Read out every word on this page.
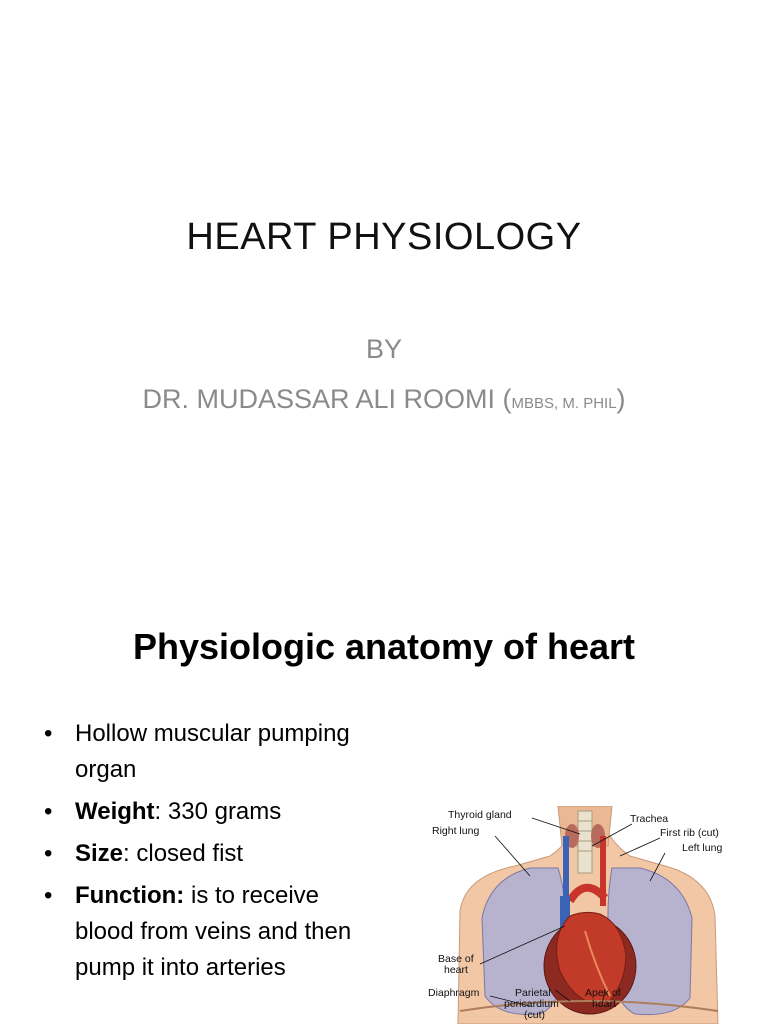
HEART PHYSIOLOGY
BY
DR. MUDASSAR ALI ROOMI (MBBS, M. PHIL)
Physiologic anatomy of heart
• Hollow muscular pumping organ
• Weight: 330 grams
• Size: closed fist
• Function: is to receive blood from veins and then pump it into arteries
Thyroid gland
Right lung
Trachea
First rib (cut)
Left lung
Base of
heart
Diaphragm	Parietal
pericardium
(cut)
Apex of
heart
